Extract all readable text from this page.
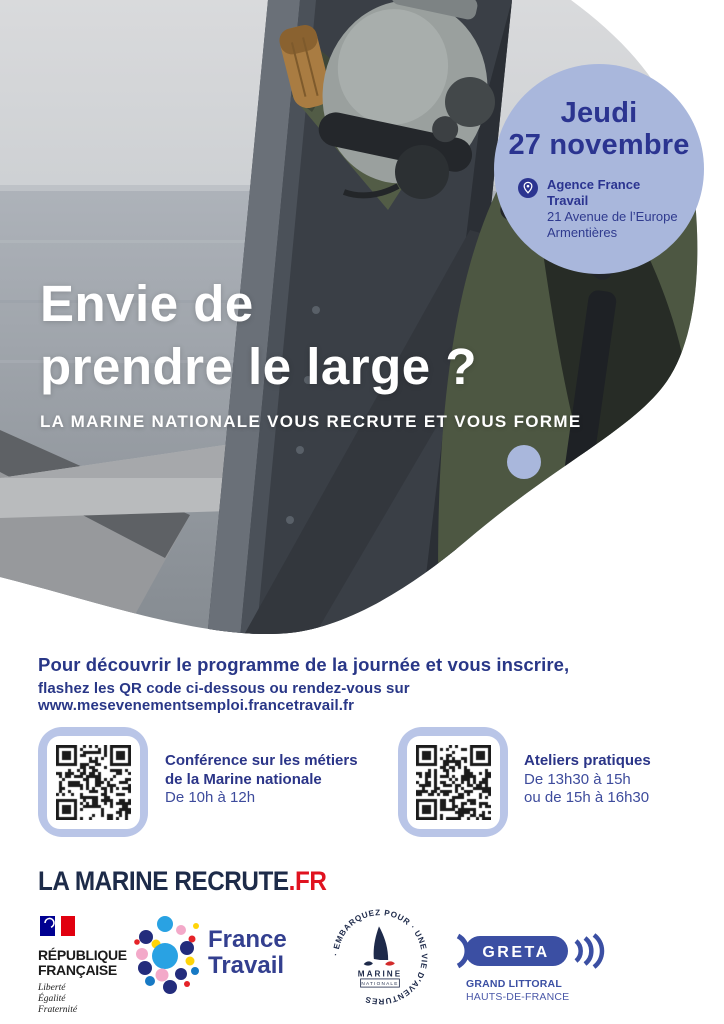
Jeudi
27 novembre
Agence France Travail
21 Avenue de l’Europe
Armentières
Envie de
prendre le large ?
LA MARINE NATIONALE VOUS RECRUTE ET VOUS FORME
Pour découvrir le programme de la journée et vous inscrire,
flashez les QR code ci-dessous ou rendez-vous sur www.mesevenementsemploi.francetravail.fr
Conférence sur les métiers
de la Marine nationale
De 10h à 12h
Ateliers pratiques
De 13h30 à 15h
ou de 15h à 16h30
LA MARINE RECRUTE.FR
RÉPUBLIQUE
FRANÇAISE
Liberté
Égalité
Fraternité
France
Travail	· EMBARQUEZ POUR · UNE VIE D'AVENTURES
MARINE
NATIONALE
GRETA
GRAND LITTORAL
HAUTS-DE-FRANCE
